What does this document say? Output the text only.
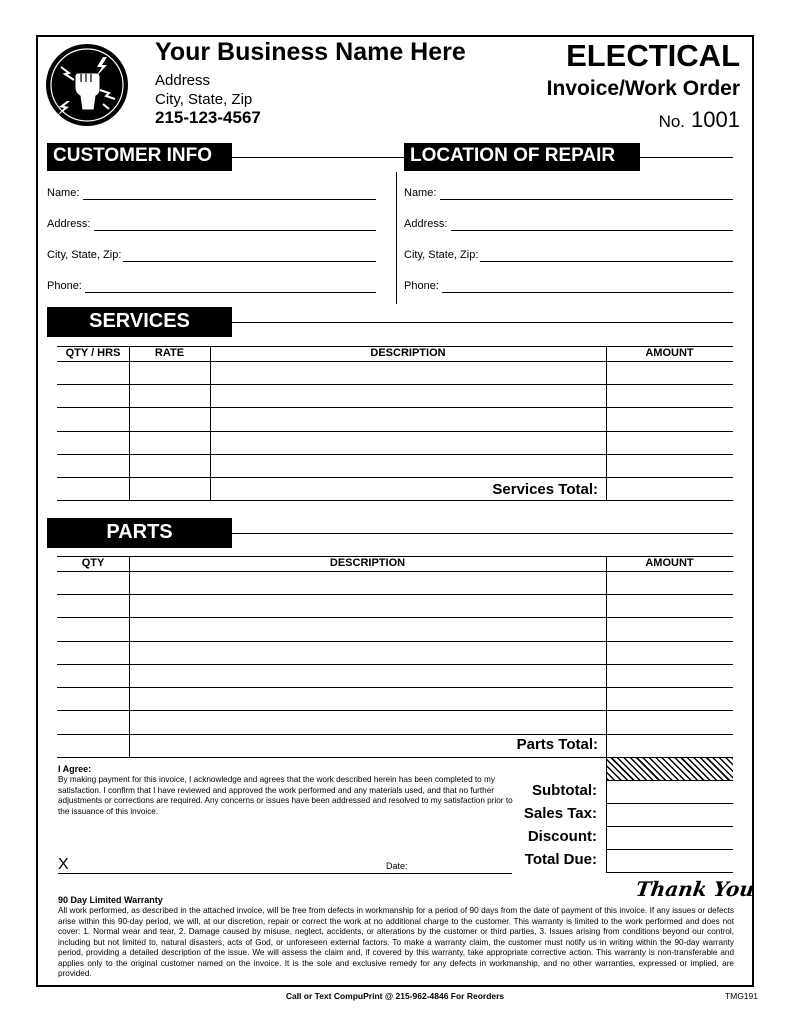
Your Business Name Here
Address
City, State, Zip
215-123-4567
ELECTICAL
Invoice/Work Order
No. 1001
CUSTOMER INFO	LOCATION OF REPAIR
Name:
Address:
City, State, Zip:
Phone:
Name:
Address:
City, State, Zip:
Phone:
SERVICES
QTY / HRS	RATE	DESCRIPTION	AMOUNT
Services Total:
PARTS
QTY	DESCRIPTION	AMOUNT
Parts Total:
Subtotal:
Sales Tax:
Discount:
Total Due:
I Agree:
By making payment for this invoice, I acknowledge and agrees that the work described herein has been completed to my satisfaction. I confirm that I have reviewed and approved the work performed and any materials used, and that no further adjustments or corrections are required. Any concerns or issues have been addressed and resolved to my satisfaction prior to the issuance of this invoice.
X	Date:
Thank You
90 Day Limited Warranty
All work performed, as described in the attached invoice, will be free from defects in workmanship for a period of 90 days from the date of payment of this invoice. If any issues or defects arise within this 90-day period, we will, at our discretion, repair or correct the work at no additional charge to the customer. This warranty is limited to the work performed and does not cover: 1. Normal wear and tear, 2. Damage caused by misuse, neglect, accidents, or alterations by the customer or third parties, 3. Issues arising from conditions beyond our control, including but not limited to, natural disasters, acts of God, or unforeseen external factors. To make a warranty claim, the customer must notify us in writing within the 90-day warranty period, providing a detailed description of the issue. We will assess the claim and, if covered by this warranty, take appropriate corrective action. This warranty is non-transferable and applies only to the original customer named on the invoice. It is the sole and exclusive remedy for any defects in workmanship, and no other warranties, expressed or implied, are provided.
Call or Text CompuPrint @ 215-962-4846 For Reorders	TMG191
